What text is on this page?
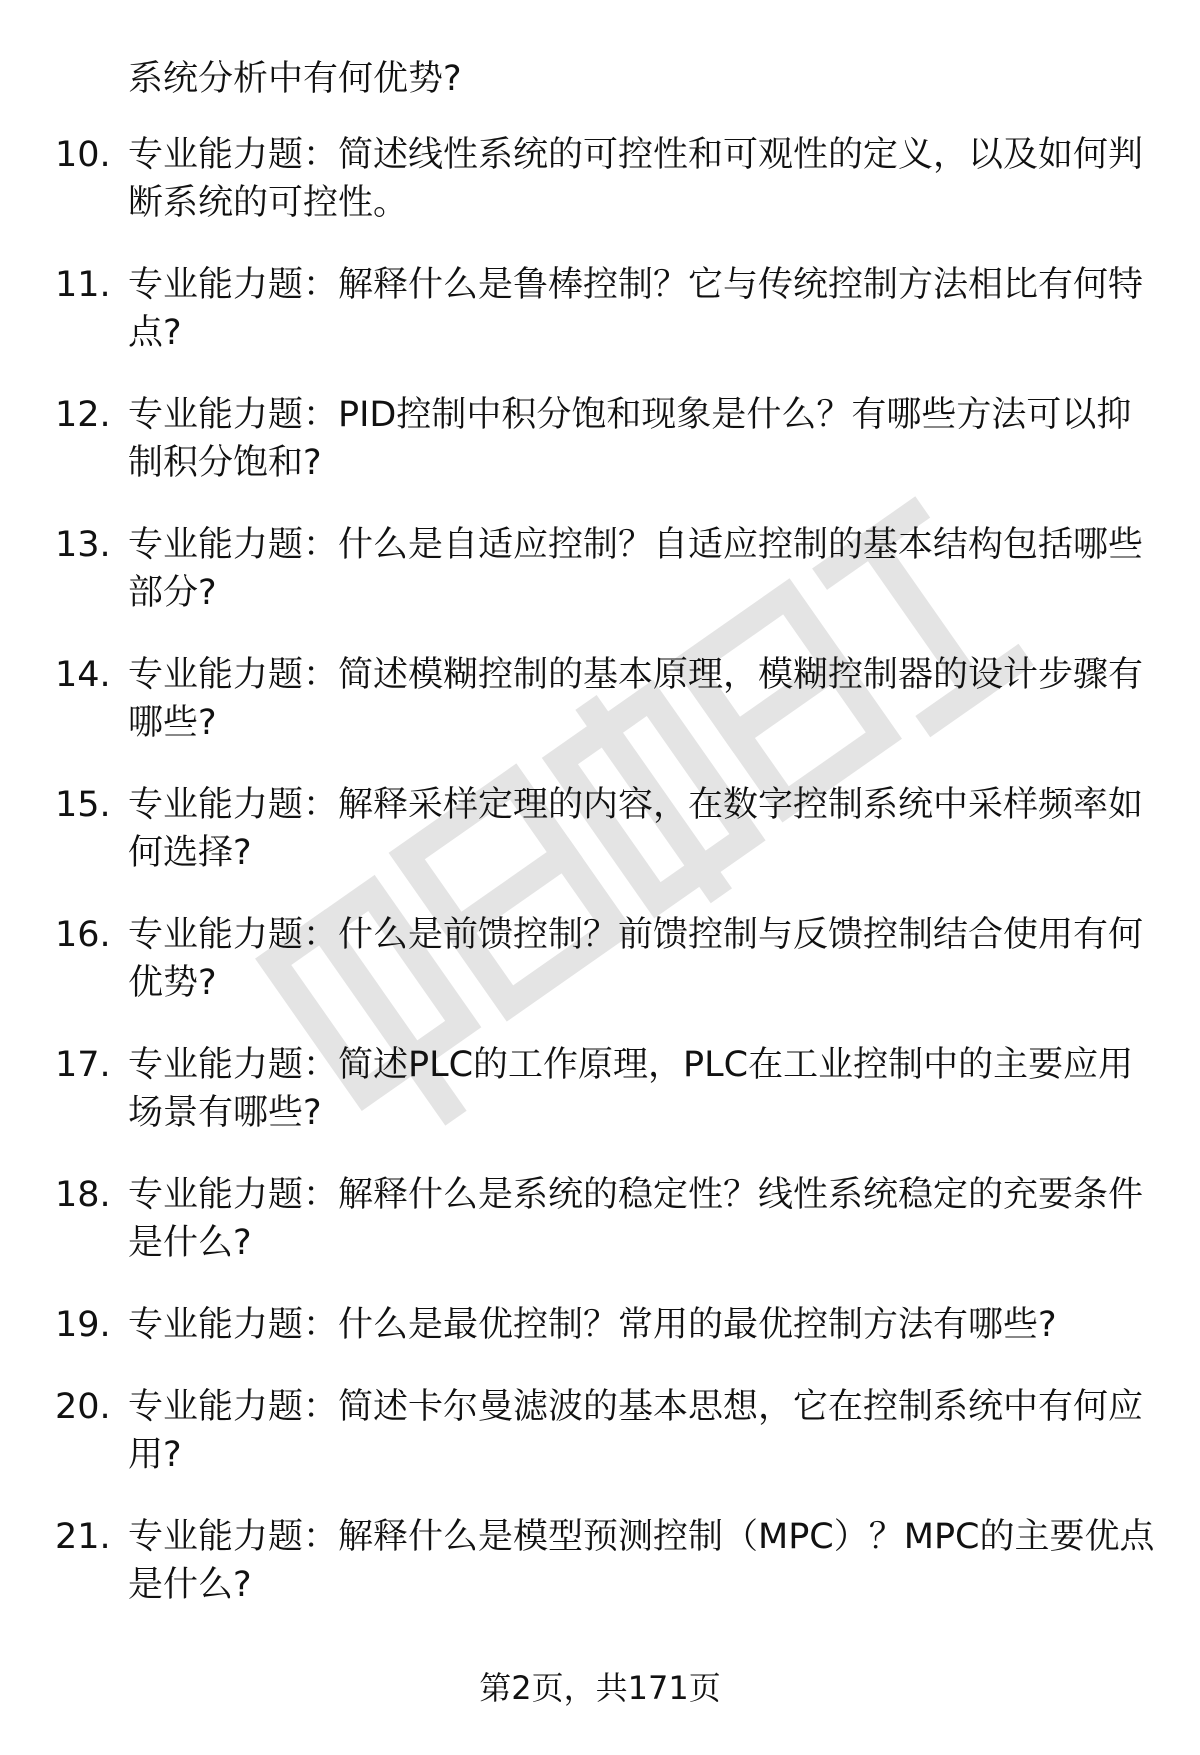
系统分析中有何优势?
10. 专业能力题：简述线性系统的可控性和可观性的定义，以及如何判断系统的可控性。
11. 专业能力题：解释什么是鲁棒控制？它与传统控制方法相比有何特点?
12. 专业能力题：PID控制中积分饱和现象是什么？有哪些方法可以抑制积分饱和?
13. 专业能力题：什么是自适应控制？自适应控制的基本结构包括哪些部分?
14. 专业能力题：简述模糊控制的基本原理，模糊控制器的设计步骤有哪些?
15. 专业能力题：解释采样定理的内容，在数字控制系统中采样频率如何选择?
16. 专业能力题：什么是前馈控制？前馈控制与反馈控制结合使用有何优势?
17. 专业能力题：简述PLC的工作原理，PLC在工业控制中的主要应用场景有哪些?
18. 专业能力题：解释什么是系统的稳定性？线性系统稳定的充要条件是什么?
19. 专业能力题：什么是最优控制？常用的最优控制方法有哪些?
20. 专业能力题：简述卡尔曼滤波的基本思想，它在控制系统中有何应用?
21. 专业能力题：解释什么是模型预测控制（MPC）？MPC的主要优点是什么?
第2页，共171页
